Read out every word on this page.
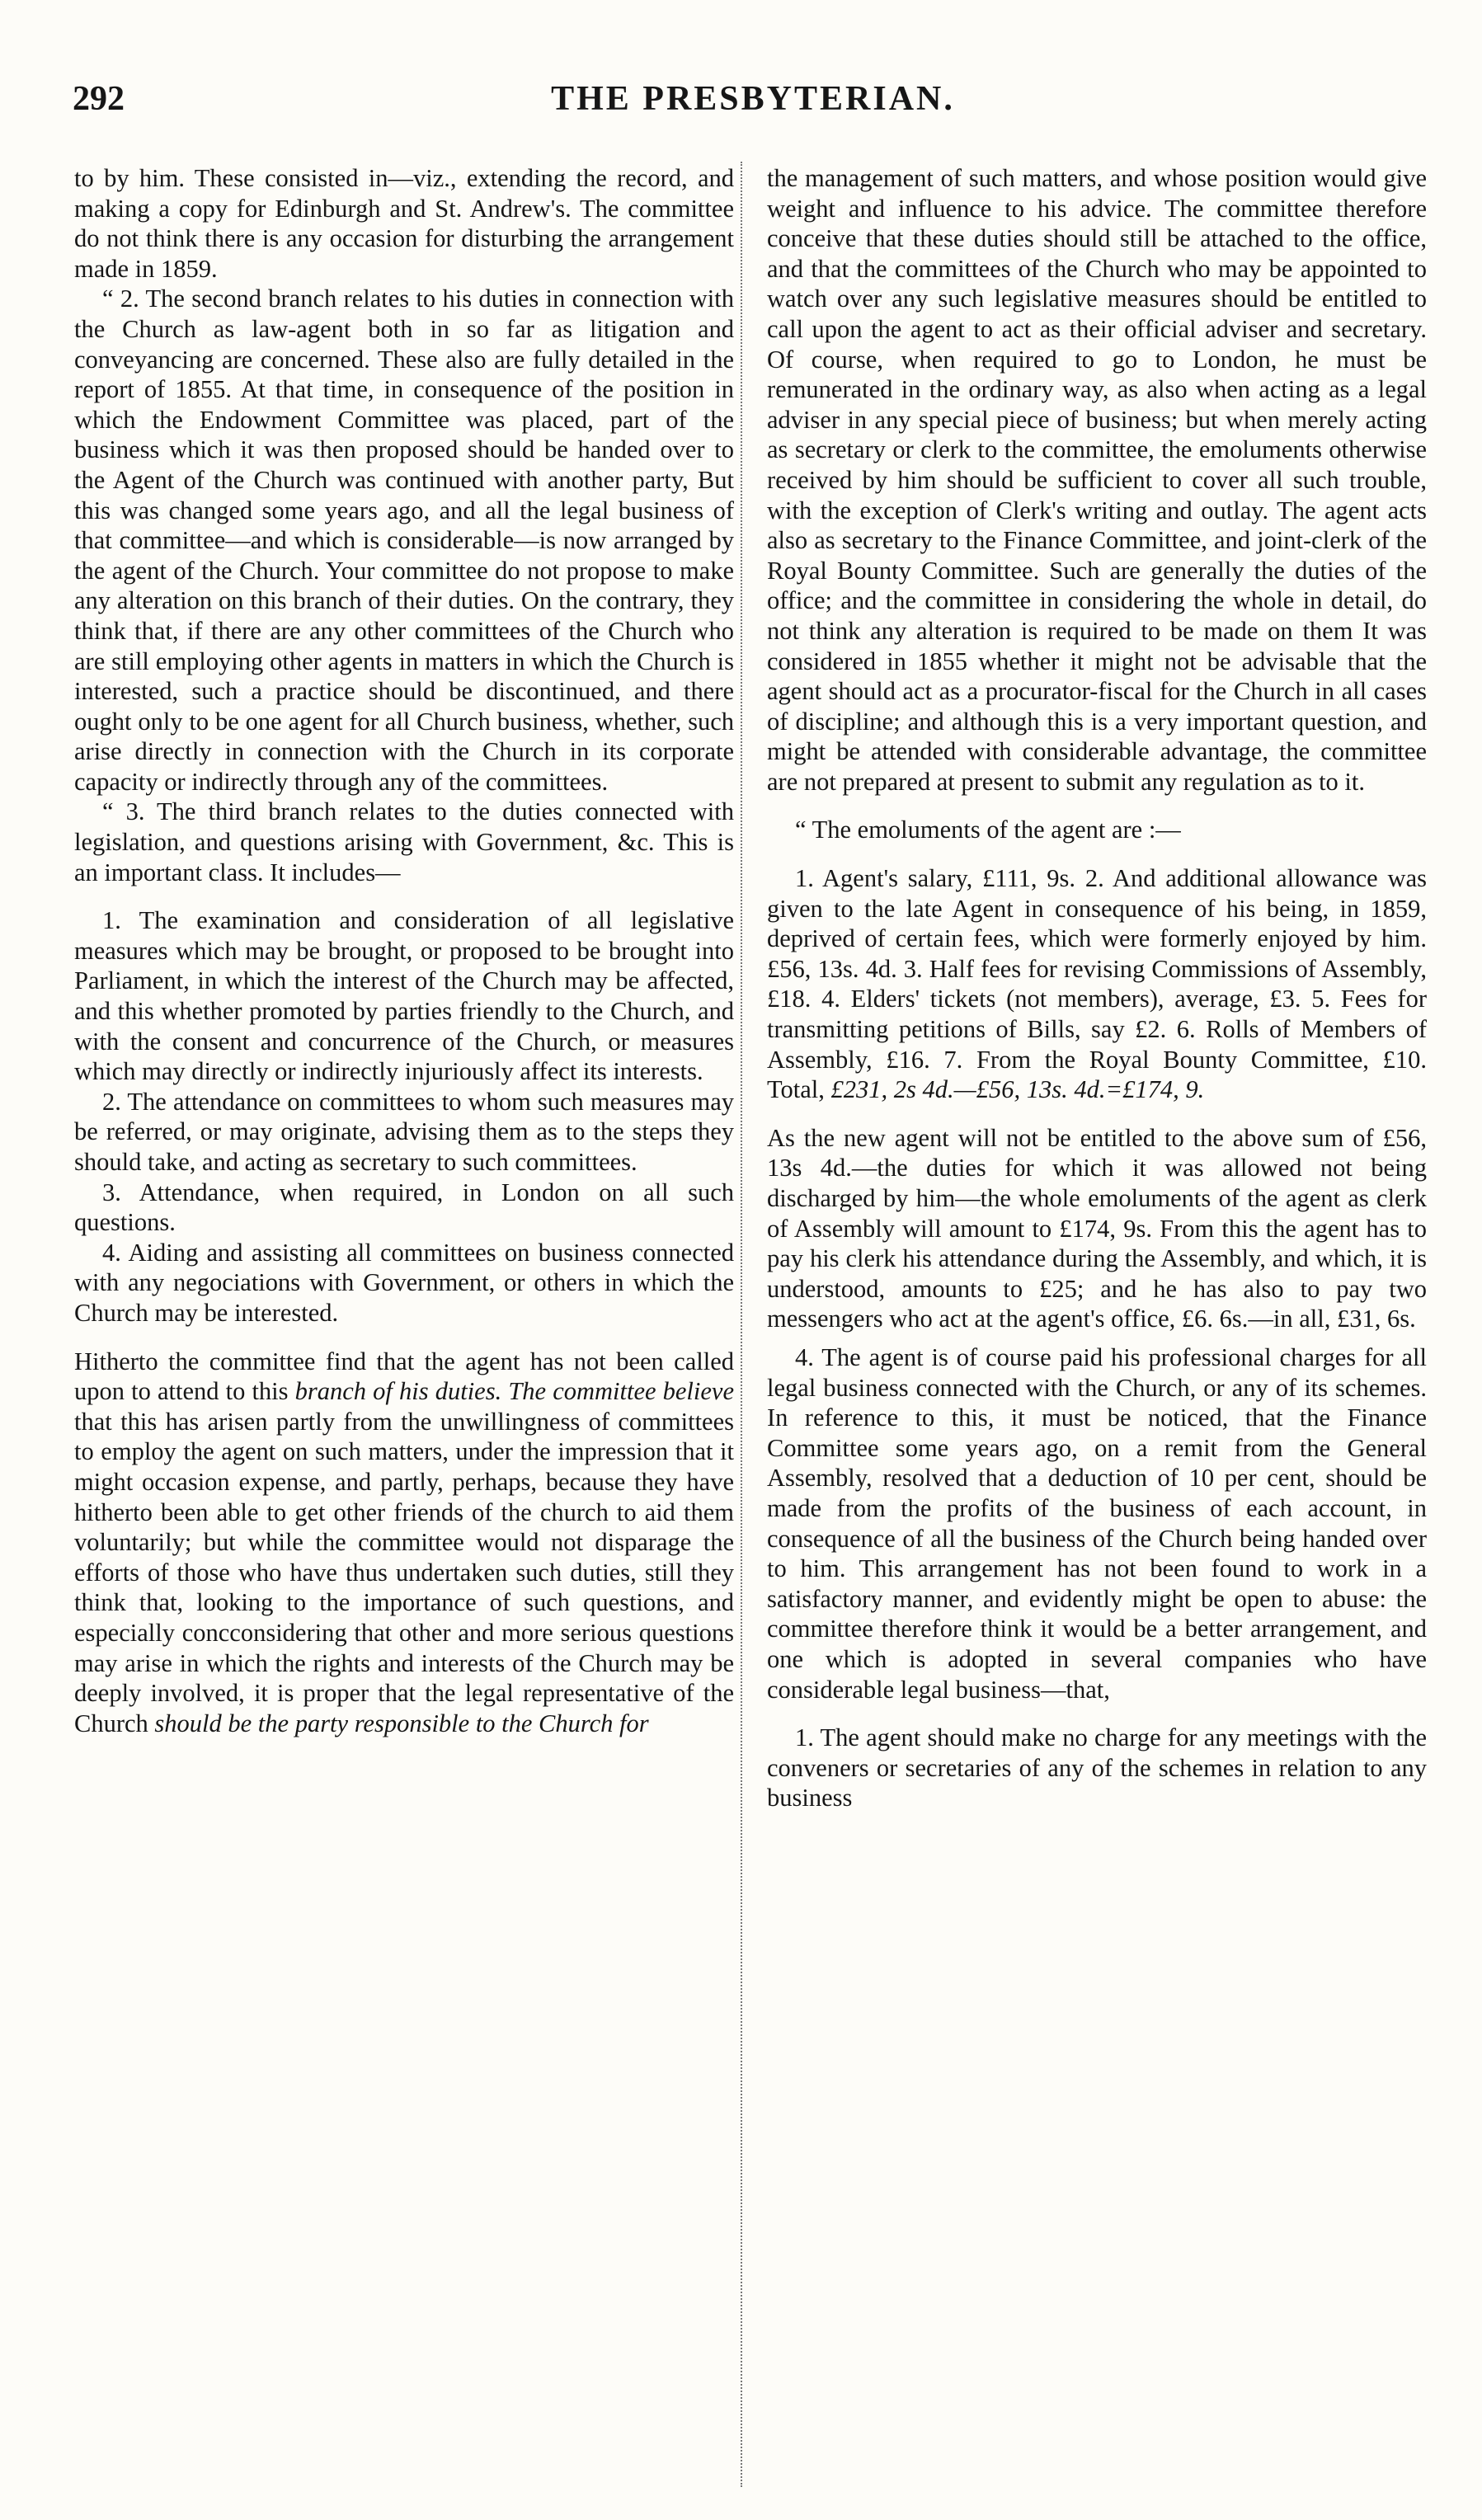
292	THE PRESBYTERIAN.

to by him. These consisted in—viz., extending the record, and making a copy for Edinburgh and St. Andrew's. The committee do not think there is any occasion for disturbing the arrangement made in 1859.

“ 2. The second branch relates to his duties in connection with the Church as law-agent both in so far as litigation and conveyancing are concerned. These also are fully detailed in the report of 1855. At that time, in consequence of the position in which the Endowment Committee was placed, part of the business which it was then proposed should be handed over to the Agent of the Church was continued with another party, But this was changed some years ago, and all the legal business of that committee—and which is considerable—is now arranged by the agent of the Church. Your committee do not propose to make any alteration on this branch of their duties. On the contrary, they think that, if there are any other committees of the Church who are still employing other agents in matters in which the Church is interested, such a practice should be discontinued, and there ought only to be one agent for all Church business, whether, such arise directly in connection with the Church in its corporate capacity or indirectly through any of the committees.

“ 3. The third branch relates to the duties connected with legislation, and questions arising with Government, &c. This is an important class. It includes—

1. The examination and consideration of all legislative measures which may be brought, or proposed to be brought into Parliament, in which the interest of the Church may be affected, and this whether promoted by parties friendly to the Church, and with the consent and concurrence of the Church, or measures which may directly or indirectly injuriously affect its interests.

2. The attendance on committees to whom such measures may be referred, or may originate, advising them as to the steps they should take, and acting as secretary to such committees.

3. Attendance, when required, in London on all such questions.

4. Aiding and assisting all committees on business connected with any negociations with Government, or others in which the Church may be interested.

Hitherto the committee find that the agent has not been called upon to attend to this branch of his duties. The committee believe that this has arisen partly from the unwillingness of committees to employ the agent on such matters, under the impression that it might occasion expense, and partly, perhaps, because they have hitherto been able to get other friends of the church to aid them voluntarily; but while the committee would not disparage the efforts of those who have thus undertaken such duties, still they think that, looking to the importance of such questions, and especially concconsidering that other and more serious questions may arise in which the rights and interests of the Church may be deeply involved, it is proper that the legal representative of the Church should be the party responsible to the Church for

the management of such matters, and whose position would give weight and influence to his advice. The committee therefore conceive that these duties should still be attached to the office, and that the committees of the Church who may be appointed to watch over any such legislative measures should be entitled to call upon the agent to act as their official adviser and secretary. Of course, when required to go to London, he must be remunerated in the ordinary way, as also when acting as a legal adviser in any special piece of business; but when merely acting as secretary or clerk to the committee, the emoluments otherwise received by him should be sufficient to cover all such trouble, with the exception of Clerk's writing and outlay. The agent acts also as secretary to the Finance Committee, and joint-clerk of the Royal Bounty Committee. Such are generally the duties of the office; and the committee in considering the whole in detail, do not think any alteration is required to be made on them It was considered in 1855 whether it might not be advisable that the agent should act as a procurator-fiscal for the Church in all cases of discipline; and although this is a very important question, and might be attended with considerable advantage, the committee are not prepared at present to submit any regulation as to it.

“ The emoluments of the agent are :—

1. Agent's salary, £111, 9s. 2. And additional allowance was given to the late Agent in consequence of his being, in 1859, deprived of certain fees, which were formerly enjoyed by him. £56, 13s. 4d. 3. Half fees for revising Commissions of Assembly, £18. 4. Elders' tickets (not members), average, £3. 5. Fees for transmitting petitions of Bills, say £2. 6. Rolls of Members of Assembly, £16. 7. From the Royal Bounty Committee, £10. Total, £231, 2s 4d.—£56, 13s. 4d.=£174, 9.

As the new agent will not be entitled to the above sum of £56, 13s 4d.—the duties for which it was allowed not being discharged by him—the whole emoluments of the agent as clerk of Assembly will amount to £174, 9s. From this the agent has to pay his clerk his attendance during the Assembly, and which, it is understood, amounts to £25; and he has also to pay two messengers who act at the agent's office, £6. 6s.—in all, £31, 6s.

4. The agent is of course paid his professional charges for all legal business connected with the Church, or any of its schemes. In reference to this, it must be noticed, that the Finance Committee some years ago, on a remit from the General Assembly, resolved that a deduction of 10 per cent, should be made from the profits of the business of each account, in consequence of all the business of the Church being handed over to him. This arrangement has not been found to work in a satisfactory manner, and evidently might be open to abuse: the committee therefore think it would be a better arrangement, and one which is adopted in several companies who have considerable legal business—that,

1. The agent should make no charge for any meetings with the conveners or secretaries of any of the schemes in relation to any business
